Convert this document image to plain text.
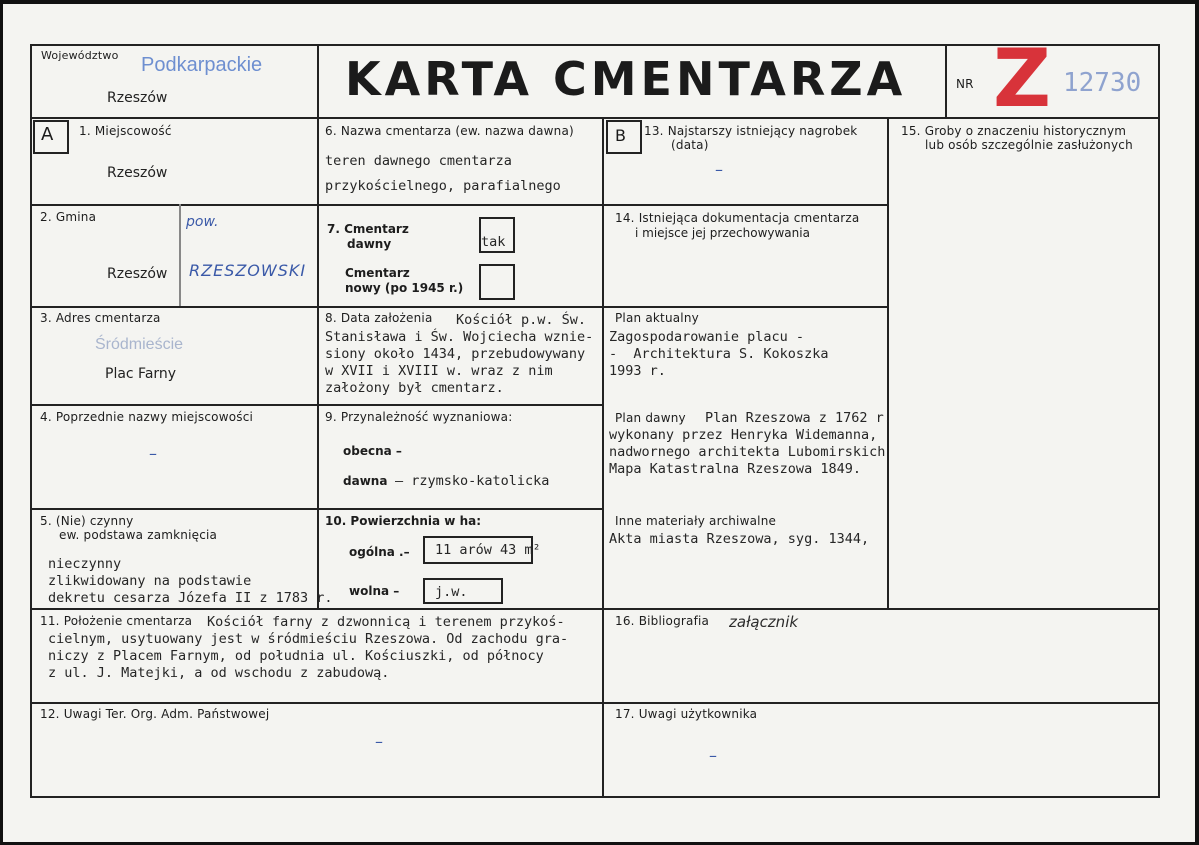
Województwo Podkarpackie
Rzeszów	KARTA CMENTARZA	NR Z 12730
A	B
1. Miejscowość
Rzeszów
2. Gmina
Rzeszów
pow.
RZESZOWSKI
3. Adres cmentarza
Śródmieście
Plac Farny
4. Poprzednie nazwy miejscowości
–
5. (Nie) czynny
ew. podstawa zamknięcia
nieczynny
zlikwidowany na podstawie
dekretu cesarza Józefa II z 1783 r.
6. Nazwa cmentarza (ew. nazwa dawna)
teren dawnego cmentarza
przykościelnego, parafialnego
7. Cmentarz
dawny	tak
Cmentarz
nowy (po 1945 r.)
8. Data założenia Kościół p.w. Św.
Stanisława i Św. Wojciecha wznie-
siony około 1434, przebudowywany
w XVII i XVIII w. wraz z nim
założony był cmentarz.
9. Przynależność wyznaniowa:
obecna –
dawna – rzymsko-katolicka
10. Powierzchnia w ha:
ogólna .– 11 arów 43 m²
wolna –	j.w.
11. Położenie cmentarza Kościół farny z dzwonnicą i terenem przykoś-
cielnym, usytuowany jest w śródmieściu Rzeszowa. Od zachodu gra-
niczy z Placem Farnym, od południa ul. Kościuszki, od północy
z ul. J. Matejki, a od wschodu z zabudową.
12. Uwagi Ter. Org. Adm. Państwowej
–
13. Najstarszy istniejący nagrobek
(data)
–
14. Istniejąca dokumentacja cmentarza
i miejsce jej przechowywania
Plan aktualny
Zagospodarowanie placu -
-  Architektura S. Kokoszka
1993 r.
Plan dawny Plan Rzeszowa z 1762 r.
wykonany przez Henryka Widemanna,
nadwornego architekta Lubomirskich
Mapa Katastralna Rzeszowa 1849.
Inne materiały archiwalne
Akta miasta Rzeszowa, syg. 1344,
15. Groby o znaczeniu historycznym
lub osób szczególnie zasłużonych
16. Bibliografia załącznik
17. Uwagi użytkownika
–
